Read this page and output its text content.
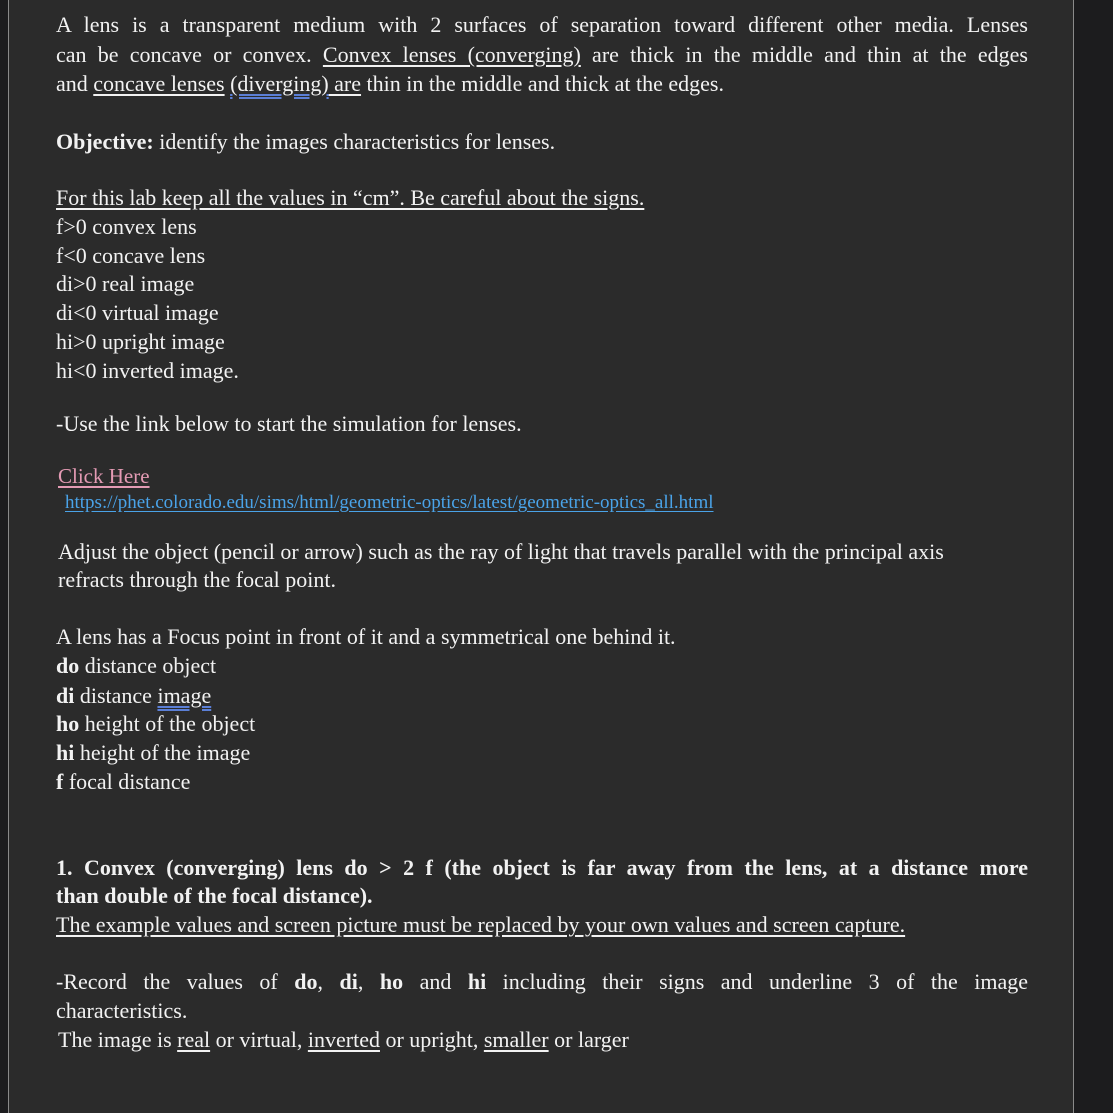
A lens is a transparent medium with 2 surfaces of separation toward different other media. Lenses
can be concave or convex. Convex lenses (converging) are thick in the middle and thin at the edges
and concave lenses (diverging) are thin in the middle and thick at the edges.
Objective: identify the images characteristics for lenses.
For this lab keep all the values in “cm”. Be careful about the signs.
f>0 convex lens
f<0 concave lens
di>0 real image
di<0 virtual image
hi>0 upright image
hi<0 inverted image.
-Use the link below to start the simulation for lenses.
Click Here
https://phet.colorado.edu/sims/html/geometric-optics/latest/geometric-optics_all.html
Adjust the object (pencil or arrow) such as the ray of light that travels parallel with the principal axis
refracts through the focal point.
A lens has a Focus point in front of it and a symmetrical one behind it.
do distance object
di distance image
ho height of the object
hi height of the image
f focal distance
1. Convex (converging) lens do > 2 f (the object is far away from the lens, at a distance more
than double of the focal distance).
The example values and screen picture must be replaced by your own values and screen capture.
-Record the values of do, di, ho and hi including their signs and underline 3 of the image
characteristics.
The image is real or virtual, inverted or upright, smaller or larger
